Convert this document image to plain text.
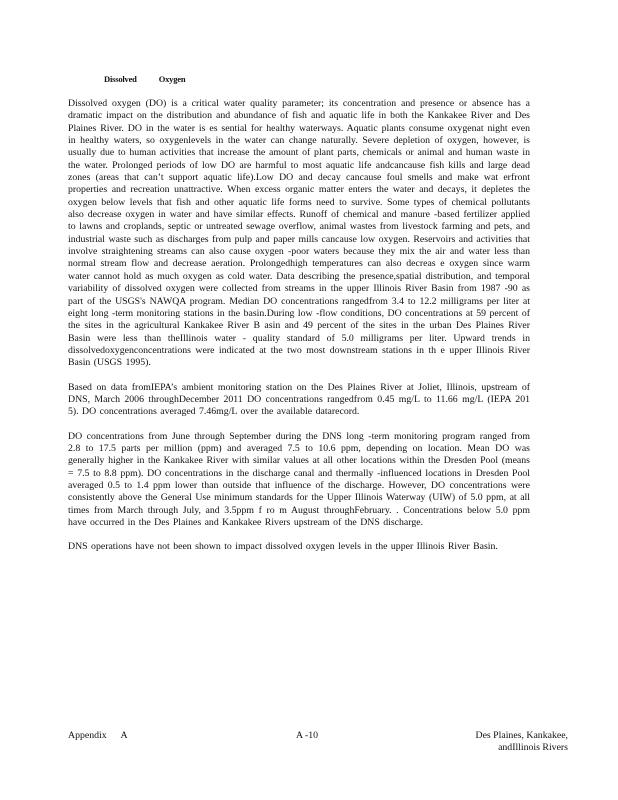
Dissolved	Oxygen

Dissolved oxygen (DO) is a critical water quality parameter; its concentration and presence or absence has a dramatic impact on the distribution and abundance of fish and aquatic life in both the Kankakee River and Des Plaines River. DO in the water is es sential for healthy waterways. Aquatic plants consume oxygenat night even in healthy waters, so oxygenlevels in the water can change naturally. Severe depletion of oxygen, however, is usually due to human activities that increase the amount of plant parts, chemicals or animal and human waste in the water. Prolonged periods of low DO are harmful to most aquatic life andcancause fish kills and large dead zones (areas that can’t support aquatic life).Low DO and decay cancause foul smells and make wat erfront properties and recreation unattractive. When excess organic matter enters the water and decays, it depletes the oxygen below levels that fish and other aquatic life forms need to survive. Some types of chemical pollutants also decrease oxygen in water and have similar effects. Runoff of chemical and manure -based fertilizer applied to lawns and croplands, septic or untreated sewage overflow, animal wastes from livestock farming and pets, and industrial waste such as discharges from pulp and paper mills cancause low oxygen. Reservoirs and activities that involve straightening streams can also cause oxygen -poor waters because they mix the air and water less than normal stream flow and decrease aeration. Prolongedhigh temperatures can also decreas e oxygen since warm water cannot hold as much oxygen as cold water. Data describing the presence,spatial distribution, and temporal variability of dissolved oxygen were collected from streams in the upper Illinois River Basin from 1987 -90 as part of the USGS's NAWQA program. Median DO concentrations rangedfrom 3.4 to 12.2 milligrams per liter at eight long -term monitoring stations in the basin.During low -flow conditions, DO concentrations at 59 percent of the sites in the agricultural Kankakee River B asin and 49 percent of the sites in the urban Des Plaines River Basin were less than theIllinois water - quality standard of 5.0 milligrams per liter. Upward trends in dissolvedoxygenconcentrations were indicated at the two most downstream stations in th e upper Illinois River Basin (USGS 1995).

Based on data fromIEPA’s ambient monitoring station on the Des Plaines River at Joliet, Illinois, upstream of DNS, March 2006 throughDecember 2011 DO concentrations rangedfrom 0.45 mg/L to 11.66 mg/L (IEPA 201 5). DO concentrations averaged 7.46mg/L over the available datarecord.

DO concentrations from June through September during the DNS long -term monitoring program ranged from 2.8 to 17.5 parts per million (ppm) and averaged 7.5 to 10.6 ppm, depending on location. Mean DO was generally higher in the Kankakee River with similar values at all other locations within the Dresden Pool (means = 7.5 to 8.8 ppm). DO concentrations in the discharge canal and thermally -influenced locations in Dresden Pool averaged 0.5 to 1.4 ppm lower than outside that influence of the discharge. However, DO concentrations were consistently above the General Use minimum standards for the Upper Illinois Waterway (UIW) of 5.0 ppm, at all times from March through July, and 3.5ppm f ro m August throughFebruary. . Concentrations below 5.0 ppm have occurred in the Des Plaines and Kankakee Rivers upstream of the DNS discharge.

DNS operations have not been shown to impact dissolved oxygen levels in the upper Illinois River Basin.

Appendix A	A -10	Des Plaines, Kankakee,
andIllinois Rivers
